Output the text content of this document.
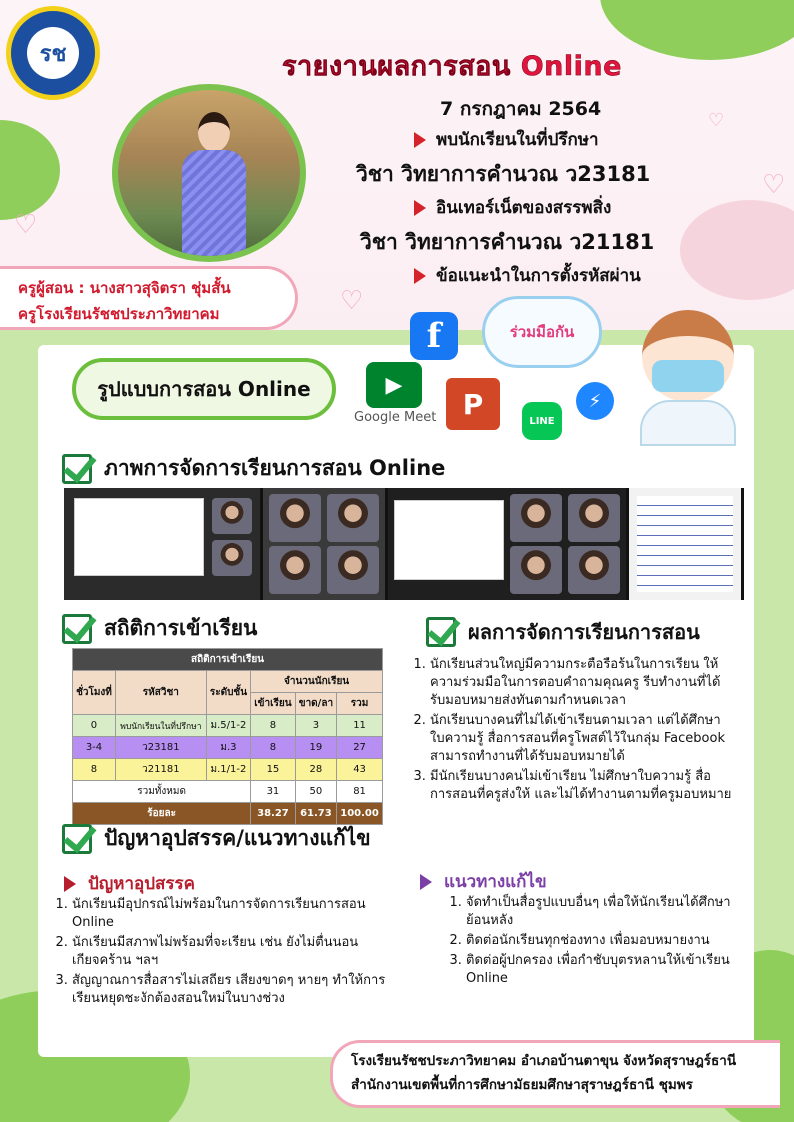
♡
♡
♡
♡
รช	รายงานผลการสอน Online
7 กรกฎาคม 2564
พบนักเรียนในที่ปรึกษา
วิชา วิทยาการคำนวณ ว23181
อินเทอร์เน็ตของสรรพสิ่ง
วิชา วิทยาการคำนวณ ว21181
ข้อแนะนำในการตั้งรหัสผ่าน
ครูผู้สอน : นางสาวสุจิตรา ชุ่มสั้น
ครูโรงเรียนรัชชประภาวิทยาคม
รูปแบบการสอน Online
f	ร่วมมือกัน
▶
Google Meet P
LINE
⚡
ภาพการจัดการเรียนการสอน Online
สถิติการเข้าเรียน
สถิติการเข้าเรียน					
ชั่วโมงที่	รหัสวิชา	ระดับชั้น	จำนวนนักเรียน		
			เข้าเรียน	ขาด/ลา	รวม
0	พบนักเรียนในที่ปรึกษา	ม.5/1-2	8	3	11
3-4	ว23181	ม.3	8	19	27
8	ว21181	ม.1/1-2	15	28	43
รวมทั้งหมด			31	50	81
ร้อยละ			38.27	61.73	100.00
ผลการจัดการเรียนการสอน
1. นักเรียนส่วนใหญ่มีความกระตือรือร้นในการเรียน ให้ความร่วมมือในการตอบคำถามคุณครู รีบทำงานที่ได้รับมอบหมายส่งทันตามกำหนดเวลา
2. นักเรียนบางคนที่ไม่ได้เข้าเรียนตามเวลา แต่ได้ศึกษาใบความรู้ สื่อการสอนที่ครูโพสต์ไว้ในกลุ่ม Facebook สามารถทำงานที่ได้รับมอบหมายได้
3. มีนักเรียนบางคนไม่เข้าเรียน ไม่ศึกษาใบความรู้ สื่อการสอนที่ครูส่งให้ และไม่ได้ทำงานตามที่ครูมอบหมาย
ปัญหาอุปสรรค/แนวทางแก้ไข
ปัญหาอุปสรรค
1. นักเรียนมีอุปกรณ์ไม่พร้อมในการจัดการเรียนการสอน Online
2. นักเรียนมีสภาพไม่พร้อมที่จะเรียน เช่น ยังไม่ตื่นนอน เกียจคร้าน ฯลฯ
3. สัญญาณการสื่อสารไม่เสถียร เสียงขาดๆ หายๆ ทำให้การเรียนหยุดชะงักต้องสอนใหม่ในบางช่วง
แนวทางแก้ไข
1. จัดทำเป็นสื่อรูปแบบอื่นๆ เพื่อให้นักเรียนได้ศึกษาย้อนหลัง
2. ติดต่อนักเรียนทุกช่องทาง เพื่อมอบหมายงาน
3. ติดต่อผู้ปกครอง เพื่อกำชับบุตรหลานให้เข้าเรียน Online
โรงเรียนรัชชประภาวิทยาคม อำเภอบ้านตาขุน จังหวัดสุราษฎร์ธานี
สำนักงานเขตพื้นที่การศึกษามัธยมศึกษาสุราษฎร์ธานี ชุมพร
